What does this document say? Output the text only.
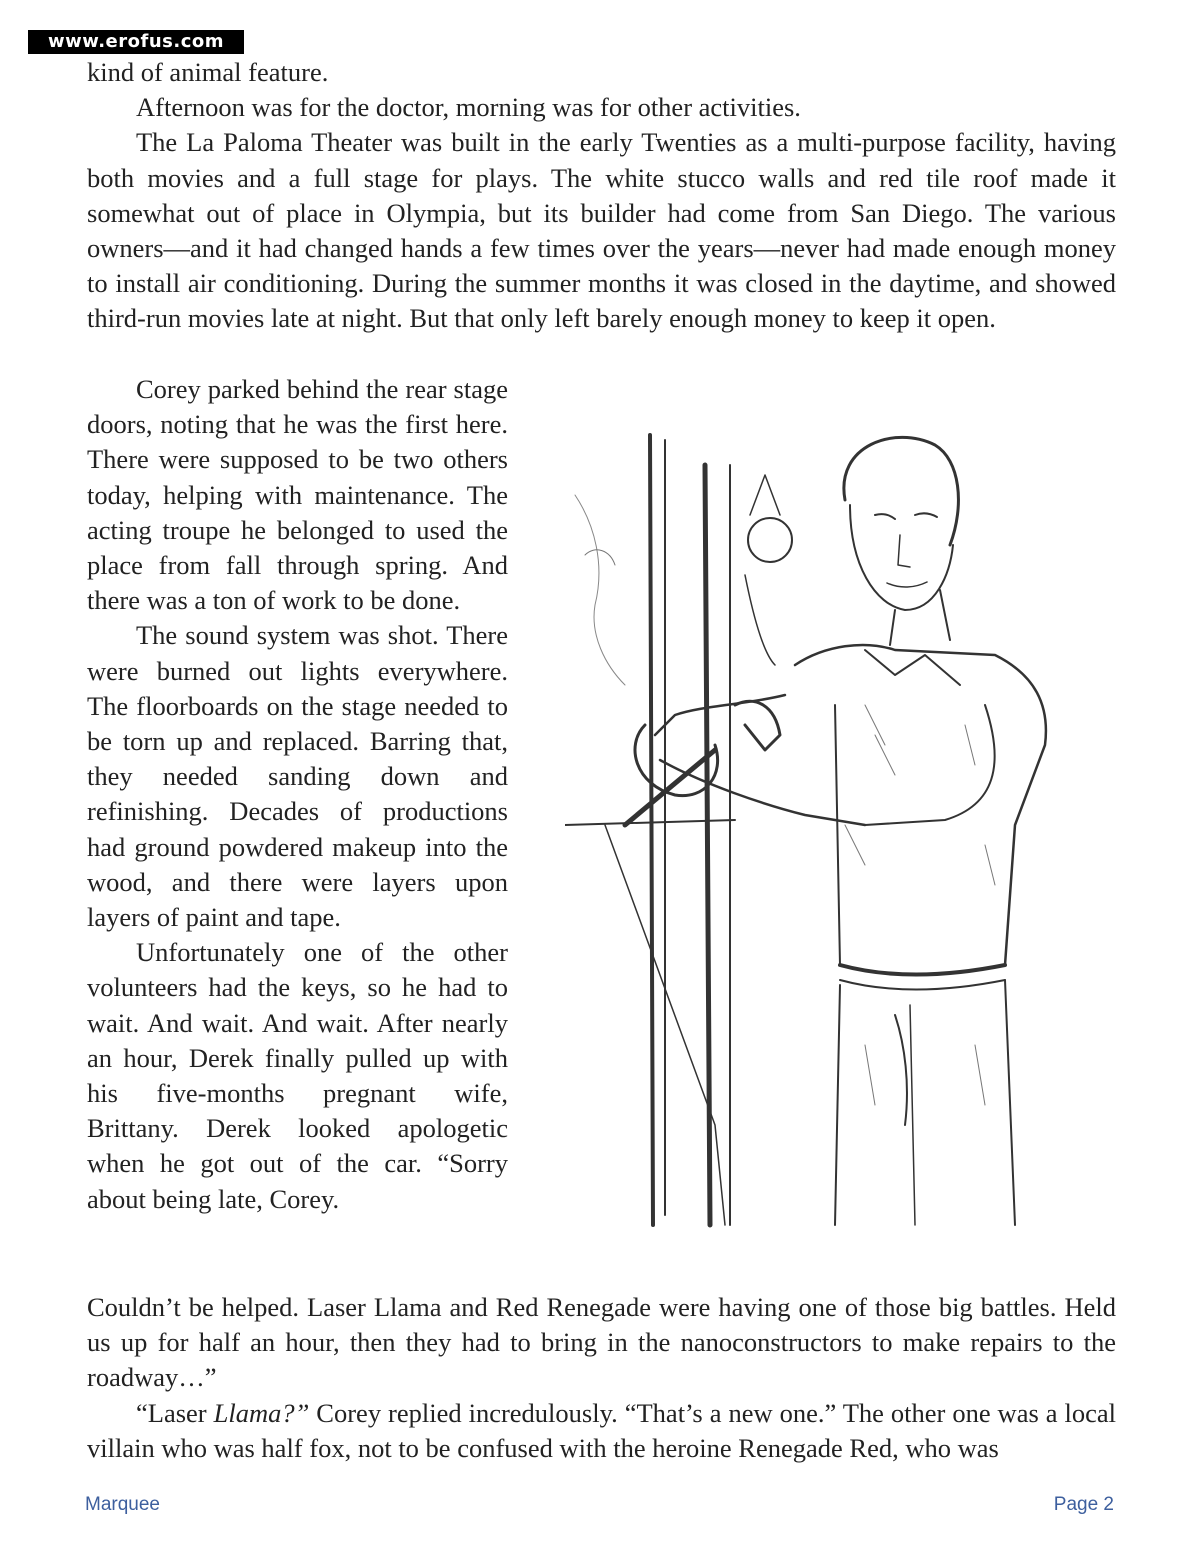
www.erofus.com

kind of animal feature.

Afternoon was for the doctor, morning was for other activities.

The La Paloma Theater was built in the early Twenties as a multi-purpose facility, having both movies and a full stage for plays. The white stucco walls and red tile roof made it somewhat out of place in Olympia, but its builder had come from San Diego. The various owners—and it had changed hands a few times over the years—never had made enough money to install air conditioning. During the summer months it was closed in the daytime, and showed third-run movies late at night. But that only left barely enough money to keep it open.

Corey parked behind the rear stage doors, noting that he was the first here. There were supposed to be two others today, helping with maintenance. The acting troupe he belonged to used the place from fall through spring. And there was a ton of work to be done.

The sound system was shot. There were burned out lights everywhere. The floorboards on the stage needed to be torn up and replaced. Barring that, they needed sanding down and refinishing. Decades of productions had ground powdered makeup into the wood, and there were layers upon layers of paint and tape.

Unfortunately one of the other volunteers had the keys, so he had to wait. And wait. And wait. After nearly an hour, Derek finally pulled up with his five-months pregnant wife, Brittany. Derek looked apologetic when he got out of the car. “Sorry about being late, Corey.

Couldn’t be helped. Laser Llama and Red Renegade were having one of those big battles. Held us up for half an hour, then they had to bring in the nanoconstructors to make repairs to the roadway…”

“Laser Llama?” Corey replied incredulously. “That’s a new one.” The other one was a local villain who was half fox, not to be confused with the heroine Renegade Red, who was

Marquee	Page 2
